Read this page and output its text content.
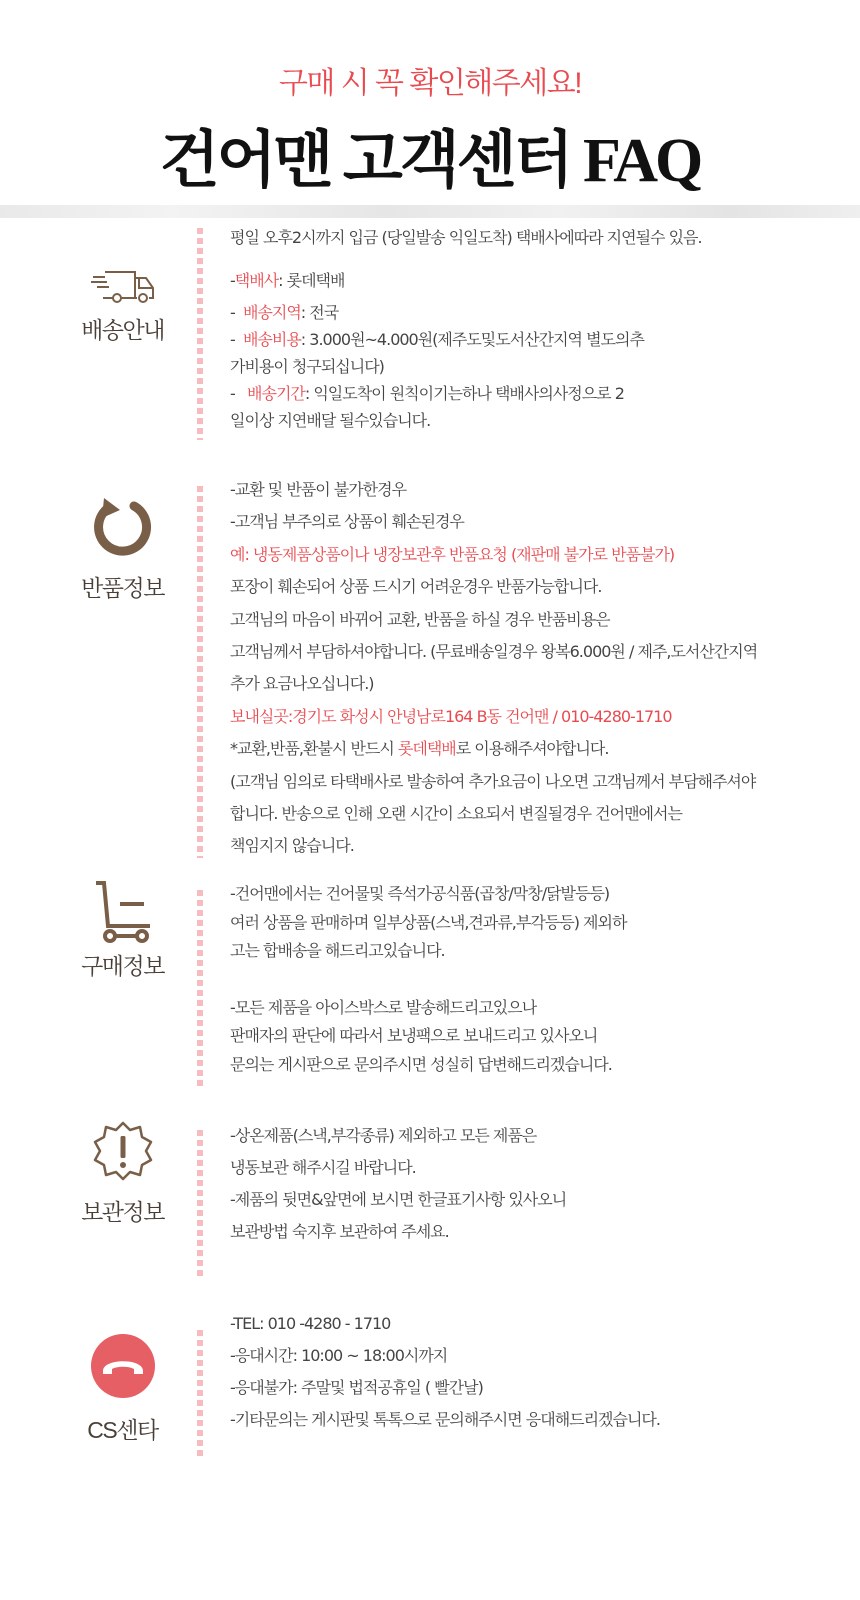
구매 시 꼭 확인해주세요!
건어맨 고객센터 FAQ
배송안내
평일 오후2시까지 입금 (당일발송 익일도착) 택배사에따라 지연될수 있음.
-택배사: 롯데택배
-  배송지역: 전국
-  배송비용: 3.000원~4.000원(제주도및도서산간지역 별도의추
가비용이 청구되십니다)
-   배송기간: 익일도착이 원칙이기는하나 택배사의사정으로 2
일이상 지연배달 될수있습니다.
반품정보
-교환 및 반품이 불가한경우
-고객님 부주의로 상품이 훼손된경우
예: 냉동제품상품이나 냉장보관후 반품요청 (재판매 불가로 반품불가)
포장이 훼손되어 상품 드시기 어려운경우 반품가능합니다.
고객님의 마음이 바뀌어 교환, 반품을 하실 경우 반품비용은
고객님께서 부담하셔야합니다. (무료배송일경우 왕복6.000원 / 제주,도서산간지역
추가 요금나오십니다.)
보내실곳:경기도 화성시 안녕남로164 B동 건어맨 / 010-4280-1710
*교환,반품,환불시 반드시 롯데택배로 이용해주셔야합니다.
(고객님 임의로 타택배사로 발송하여 추가요금이 나오면 고객님께서 부담해주셔야
합니다. 반송으로 인해 오랜 시간이 소요되서 변질될경우 건어맨에서는
책임지지 않습니다.
구매정보
-건어맨에서는 건어물및 즉석가공식품(곱창/막창/닭발등등)
여러 상품을 판매하며 일부상품(스낵,견과류,부각등등) 제외하
고는 합배송을 해드리고있습니다.
-모든 제품을 아이스박스로 발송해드리고있으나
판매자의 판단에 따라서 보냉팩으로 보내드리고 있사오니
문의는 게시판으로 문의주시면 성실히 답변해드리겠습니다.
보관정보
-상온제품(스낵,부각종류) 제외하고 모든 제품은
냉동보관 해주시길 바랍니다.
-제품의 뒷면&앞면에 보시면 한글표기사항 있사오니
보관방법 숙지후 보관하여 주세요.
CS센타
-TEL: 010 -4280 - 1710
-응대시간: 10:00 ~ 18:00시까지
-응대불가: 주말및 법적공휴일 ( 빨간날)
-기타문의는 게시판및 톡톡으로 문의해주시면 응대해드리겠습니다.
